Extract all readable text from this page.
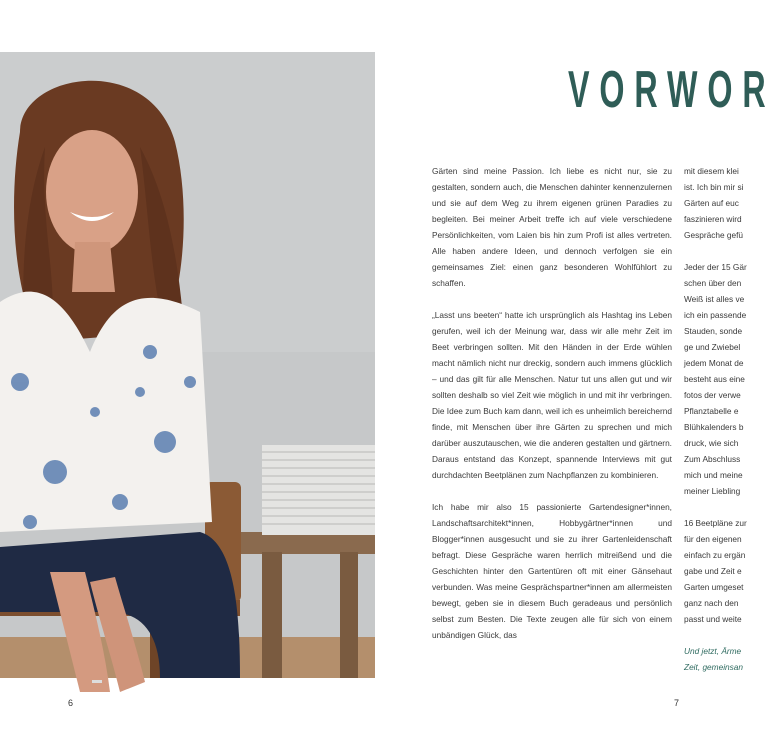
6
VORWOR

Gärten sind meine Passion. Ich liebe es nicht nur, sie zu gestalten, sondern auch, die Menschen dahinter kennenzulernen und sie auf dem Weg zu ihrem eigenen grünen Paradies zu begleiten. Bei meiner Arbeit treffe ich auf viele verschiedene Persönlichkeiten, vom Laien bis hin zum Profi ist alles vertreten. Alle haben andere Ideen, und dennoch verfolgen sie ein gemeinsames Ziel: einen ganz besonderen Wohlfühlort zu schaffen.

„Lasst uns beeten“ hatte ich ursprünglich als Hashtag ins Leben gerufen, weil ich der Meinung war, dass wir alle mehr Zeit im Beet verbringen sollten. Mit den Händen in der Erde wühlen macht nämlich nicht nur dreckig, sondern auch immens glücklich – und das gilt für alle Menschen. Natur tut uns allen gut und wir sollten deshalb so viel Zeit wie möglich in und mit ihr verbringen. Die Idee zum Buch kam dann, weil ich es unheimlich bereichernd finde, mit Menschen über ihre Gärten zu sprechen und mich darüber auszutauschen, wie die anderen gestalten und gärtnern. Daraus entstand das Konzept, spannende Interviews mit gut durchdachten Beetplänen zum Nachpflanzen zu kombinieren.

Ich habe mir also 15 passionierte Gartendesigner*innen, Landschaftsarchitekt*innen, Hobbygärtner*innen und Blogger*innen ausgesucht und sie zu ihrer Gartenleidenschaft befragt. Diese Gespräche waren herrlich mitreißend und die Geschichten hinter den Gartentüren oft mit einer Gänsehaut verbunden. Was meine Gesprächspartner*innen am allermeisten bewegt, geben sie in diesem Buch geradeaus und persönlich selbst zum Besten. Die Texte zeugen alle für sich von einem unbändigen Glück, das

mit diesem klei
ist. Ich bin mir si
Gärten auf euc
faszinieren wird
Gespräche gefü
Jeder der 15 Gär
schen über den
Weiß ist alles ve
ich ein passende
Stauden, sonde
ge und Zwiebel
jedem Monat de
besteht aus eine
fotos der verwe
Pflanztabelle e
Blühkalenders b
druck, wie sich
Zum Abschluss
mich und meine
meiner Liebling
16 Beetpläne zur
für den eigenen
einfach zu ergän
gabe und Zeit e
Garten umgeset
ganz nach den
passt und weite
Und jetzt, Ärme
Zeit, gemeinsan
7
